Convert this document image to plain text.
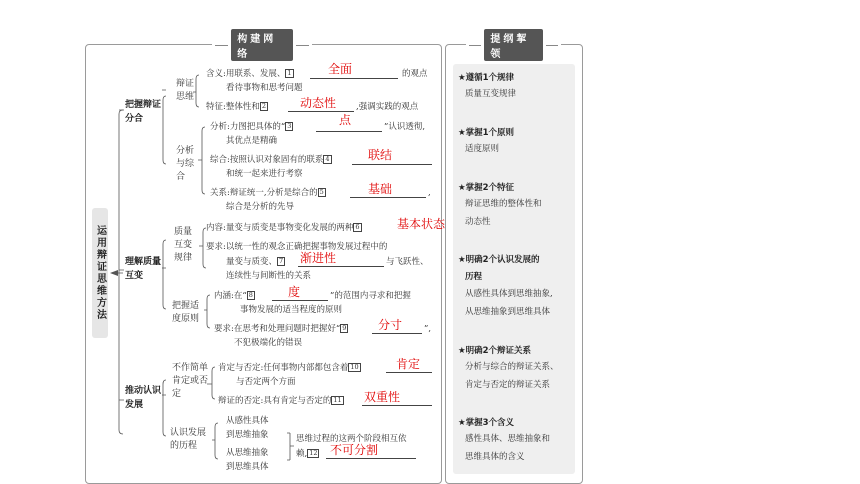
构建网络
提纲挈领
运用辩证思维方法
把握辩证分合
理解质量互变
推动认识发展
辩证思维
分析与综合
质量互变规律
把握适度原则
不作简单肯定或否定
认识发展的历程
含义:用联系、发展、 1	的观点
全面
看待事物和思考问题
特征:整体性和 2	,强调实践的观点
动态性
点
分析:力图把具体的“ 3	”认识透彻,
其优点是精确
综合:按照认识对象固有的联系 4	联结
和统一起来进行考察
关系:辩证统一,分析是综合的 5	,
基础
综合是分析的先导
内容:量变与质变是事物变化发展的两种 6	基本状态
要求:以统一性的观念正确把握事物发展过程中的
量变与质变、 7	与飞跃性、
渐进性
连续性与间断性的关系
内涵:在“ 8	”的范围内寻求和把握
度
事物发展的适当程度的原则
要求:在思考和处理问题时把握好“ 9	”,
分寸
不犯极端化的错误
肯定与否定:任何事物内部都包含着 10	肯定
与否定两个方面
辩证的否定:具有肯定与否定的 11 双重性
从感性具体
到思维抽象
从思维抽象
到思维具体
思维过程的这两个阶段相互依
赖, 12 不可分割
★遵循1个规律
质量互变规律
★掌握1个原则
适度原则
★掌握2个特征
辩证思维的整体性和
动态性
★明确2个认识发展的
历程
从感性具体到思维抽象,
从思维抽象到思维具体
★明确2个辩证关系
分析与综合的辩证关系、
肯定与否定的辩证关系
★掌握3个含义
感性具体、思维抽象和
思维具体的含义
